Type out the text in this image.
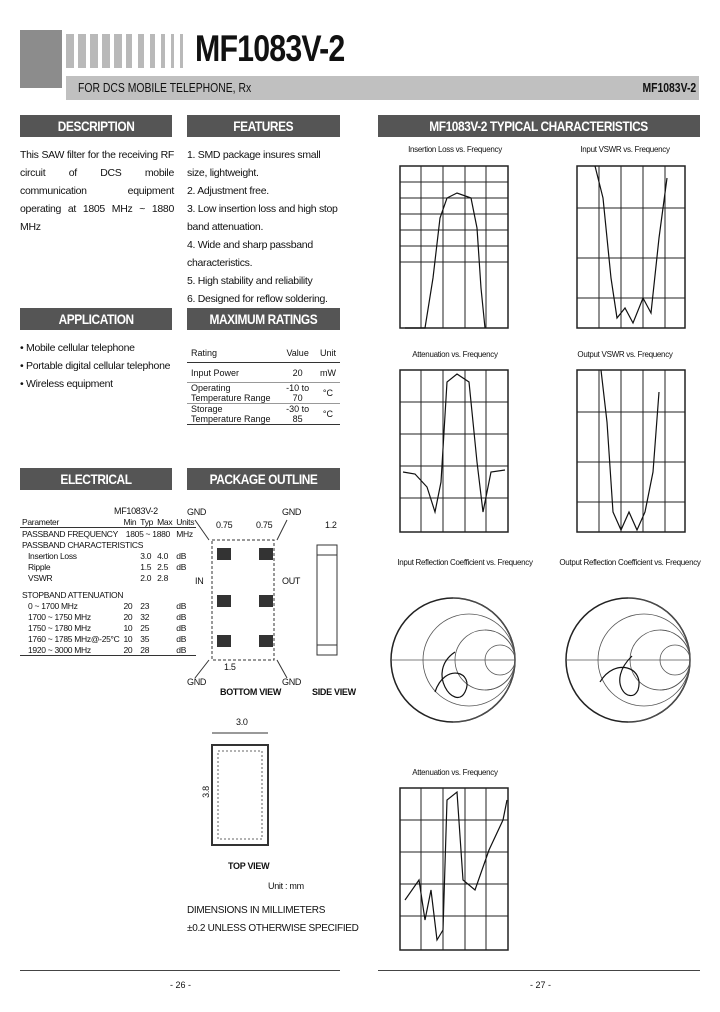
MF1083V-2
FOR DCS MOBILE TELEPHONE, Rx	MF1083V-2
DESCRIPTION
This SAW filter for the receiving RF circuit of DCS mobile communication equipment operating at 1805 MHz ~ 1880 MHz
FEATURES
1. SMD package insures small size, lightweight.
2. Adjustment free.
3. Low insertion loss and high stop band attenuation.
4. Wide and sharp passband characteristics.
5. High stability and reliability
6. Designed for reflow soldering.
APPLICATION
• Mobile cellular telephone
• Portable digital cellular telephone
• Wireless equipment
MAXIMUM RATINGS
Rating	Value	Unit
Input Power	20	mW
Operating Temperature Range	-10 to 70	°C
Storage Temperature Range	-30 to 85	°C
ELECTRICAL PERFORMANCE
MF1083V-2
Parameter	Min	Typ	Max	Units
PASSBAND FREQUENCY	1805 ~ 1880			MHz
PASSBAND CHARACTERISTICS				
Insertion Loss		3.0	4.0	dB
Ripple		1.5	2.5	dB
VSWR		2.0	2.8	
STOPBAND ATTENUATION				
0 ~ 1700 MHz	20	23		dB
1700 ~ 1750 MHz	20	32		dB
1750 ~ 1780 MHz	10	25		dB
1760 ~ 1785 MHz@-25°C	10	35		dB
1920 ~ 3000 MHz	20	28		dB
PACKAGE OUTLINE DIMENSIONS
GND	GND
0.75	0.75	1.2
IN	OUT
1.5
GND	GND
BOTTOM VIEW	SIDE VIEW
3.0
3.8
TOP VIEW
Unit : mm
DIMENSIONS IN MILLIMETERS
±0.2 UNLESS OTHERWISE SPECIFIED
MF1083V-2 TYPICAL CHARACTERISTICS
Insertion Loss vs. Frequency	Input VSWR vs. Frequency
Attenuation vs. Frequency	Output VSWR vs. Frequency
Input Reflection Coefficient vs. Frequency	Output Reflection Coefficient vs. Frequency
Attenuation vs. Frequency
- 26 -	- 27 -
